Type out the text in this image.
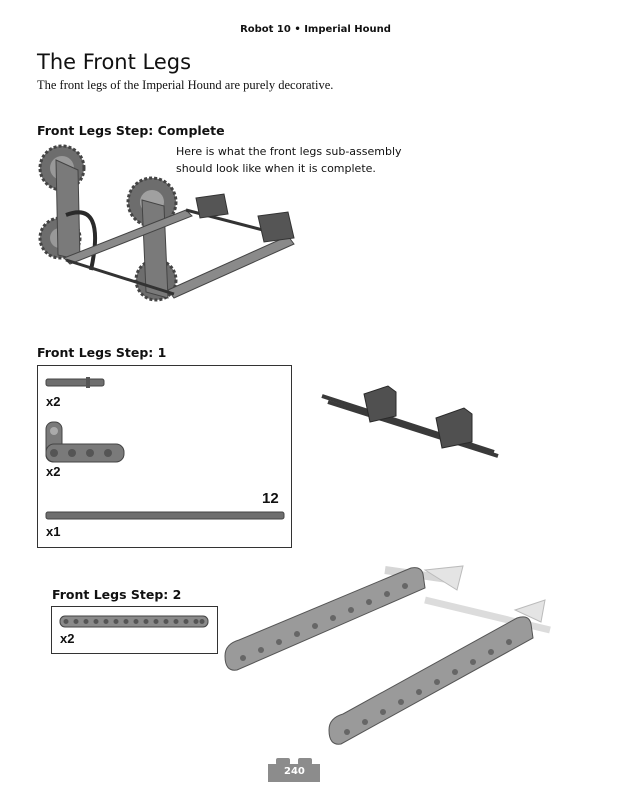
Robot 10 • Imperial Hound
The Front Legs
The front legs of the Imperial Hound are purely decorative.
Front Legs Step: Complete
Here is what the front legs sub-assembly
should look like when it is complete.
Front Legs Step: 1
x2
x2
12
x1
Front Legs Step: 2
x2
240
